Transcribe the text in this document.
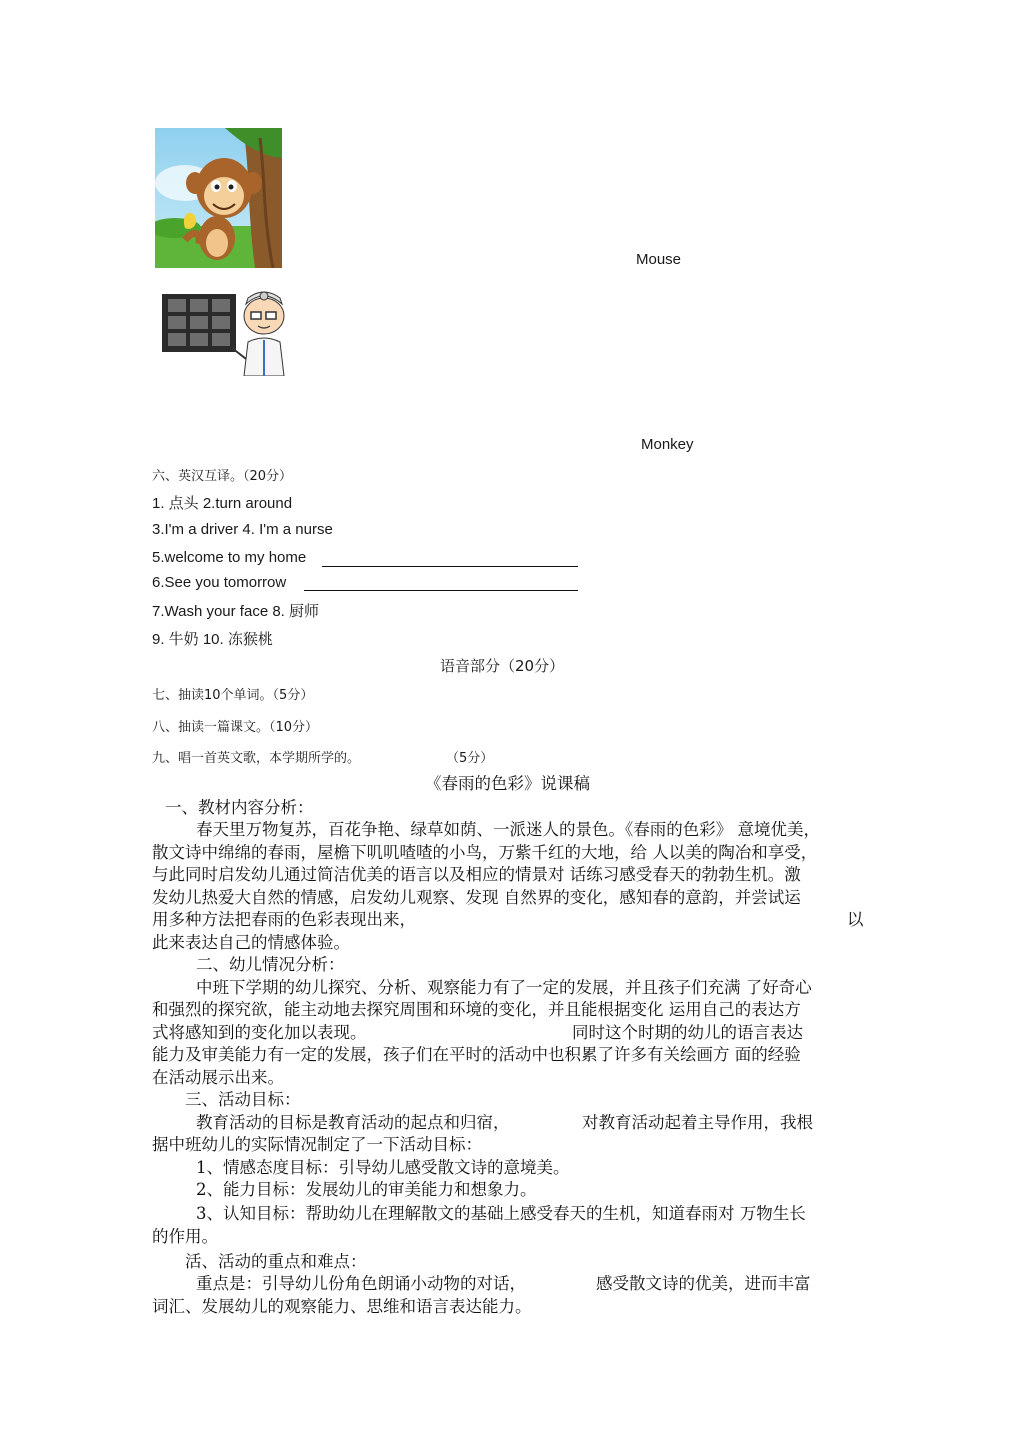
Mouse
Monkey
六、英汉互译。（20分）
1. 点头 2.turn around
3.I'm a driver 4. I'm a nurse
5.welcome to my home
6.See you tomorrow
7.Wash your face 8. 厨师
9. 牛奶 10. 冻猴桃
语音部分（20分）
七、抽读10个单词。（5分）
八、抽读一篇课文。（10分）
九、唱一首英文歌，本学期所学的。	（5分）
《春雨的色彩》说课稿
一、教材内容分析：
春天里万物复苏，百花争艳、绿草如荫、一派迷人的景色。《春雨的色彩》 意境优美，
散文诗中绵绵的春雨，屋檐下叽叽喳喳的小鸟，万紫千红的大地，给 人以美的陶冶和享受，
与此同时启发幼儿通过简洁优美的语言以及相应的情景对 话练习感受春天的勃勃生机。激
发幼儿热爱大自然的情感，启发幼儿观察、发现 自然界的变化，感知春的意韵，并尝试运
用多种方法把春雨的色彩表现出来，	以
此来表达自己的情感体验。
二、幼儿情况分析：
中班下学期的幼儿探究、分析、观察能力有了一定的发展，并且孩子们充满 了好奇心
和强烈的探究欲，能主动地去探究周围和环境的变化，并且能根据变化 运用自己的表达方
式将感知到的变化加以表现。	同时这个时期的幼儿的语言表达
能力及审美能力有一定的发展，孩子们在平时的活动中也积累了许多有关绘画方 面的经验
在活动展示出来。
三、活动目标：
教育活动的目标是教育活动的起点和归宿，	对教育活动起着主导作用，我根
据中班幼儿的实际情况制定了一下活动目标：
1、情感态度目标：引导幼儿感受散文诗的意境美。
2、能力目标：发展幼儿的审美能力和想象力。
3、认知目标：帮助幼儿在理解散文的基础上感受春天的生机，知道春雨对 万物生长
的作用。
活、活动的重点和难点：
重点是：引导幼儿份角色朗诵小动物的对话，	感受散文诗的优美，进而丰富
词汇、发展幼儿的观察能力、思维和语言表达能力。
